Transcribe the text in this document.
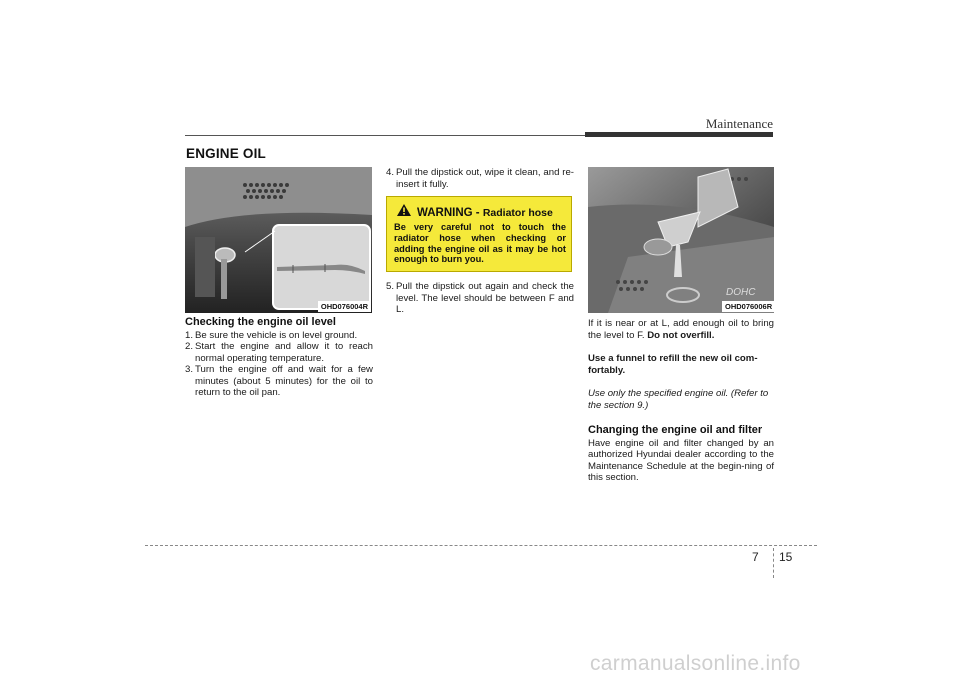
Maintenance
ENGINE OIL
OHD076004R
Checking the engine oil level
1. Be sure the vehicle is on level ground.
2. Start the engine and allow it to reach normal operating temperature.
3. Turn the engine off and wait for a few minutes (about 5 minutes) for the oil to return to the oil pan.
4. Pull the dipstick out, wipe it clean, and re-insert it fully.
WARNING - Radiator hose
Be very careful not to touch the radiator hose when checking or adding the engine oil as it may be hot enough to burn you.
5. Pull the dipstick out again and check the level. The level should be between F and L.
DOHC
OHD076006R

If it is near or at L, add enough oil to bring the level to F. Do not overfill.

Use a funnel to refill the new oil com-fortably.

Use only the specified engine oil. (Refer to the section 9.)

Changing the engine oil and filter

Have engine oil and filter changed by an authorized Hyundai dealer according to the Maintenance Schedule at the begin-ning of this section.

7 15
carmanualsonline.info
